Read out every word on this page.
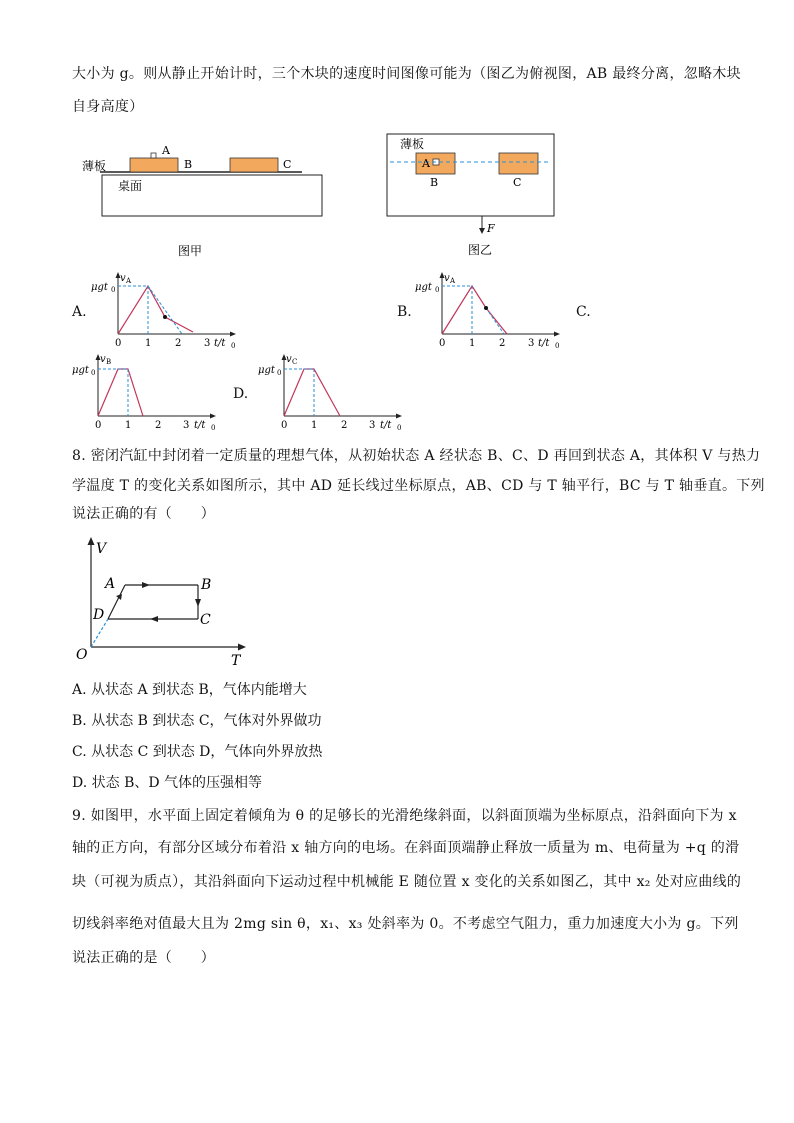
大小为 g。则从静止开始计时，三个木块的速度时间图像可能为（图乙为俯视图，AB 最终分离，忽略木块
自身高度）
薄板
桌面
A
B	C
图甲
薄板
A
B	C
F
图乙
A.
v A
μgt 0
0 1 2 3 t/t 0
B.
v A
μgt 0
0 1 2 3 t/t 0
C.
v B
μgt 0
0 1 2 3 t/t 0
D.
v C
μgt 0
0 1 2 3 t/t 0
8. 密闭汽缸中封闭着一定质量的理想气体，从初始状态 A 经状态 B、C、D 再回到状态 A，其体积 V 与热力
学温度 T 的变化关系如图所示，其中 AD 延长线过坐标原点，AB、CD 与 T 轴平行，BC 与 T 轴垂直。下列
说法正确的有（　　）
V
T
O
A	B
C
D
A. 从状态 A 到状态 B，气体内能增大
B. 从状态 B 到状态 C，气体对外界做功
C. 从状态 C 到状态 D，气体向外界放热
D. 状态 B、D 气体的压强相等
9. 如图甲，水平面上固定着倾角为 θ 的足够长的光滑绝缘斜面，以斜面顶端为坐标原点，沿斜面向下为 x
轴的正方向，有部分区域分布着沿 x 轴方向的电场。在斜面顶端静止释放一质量为 m、电荷量为 +q 的滑
块（可视为质点），其沿斜面向下运动过程中机械能 E 随位置 x 变化的关系如图乙，其中 x₂ 处对应曲线的
切线斜率绝对值最大且为 2mg sin θ，x₁、x₃ 处斜率为 0。不考虑空气阻力，重力加速度大小为 g。下列
说法正确的是（　　）
